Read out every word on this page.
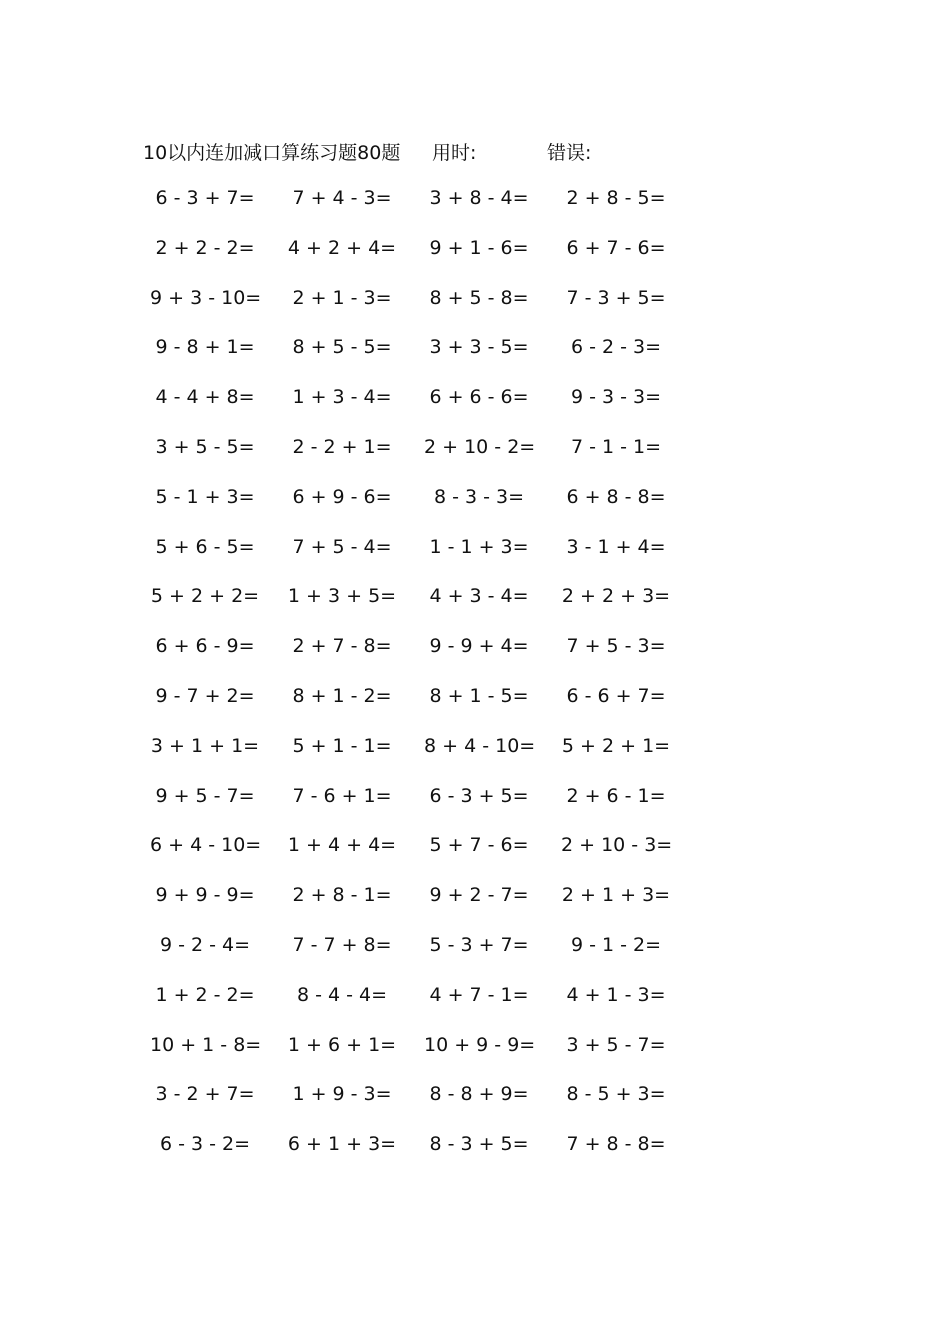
10以内连加减口算练习题80题 用时:	错误:
6 - 3 + 7= 7 + 4 - 3= 3 + 8 - 4= 2 + 8 - 5=
2 + 2 - 2= 4 + 2 + 4= 9 + 1 - 6= 6 + 7 - 6=
9 + 3 - 10= 2 + 1 - 3= 8 + 5 - 8= 7 - 3 + 5=
9 - 8 + 1= 8 + 5 - 5= 3 + 3 - 5=	6 - 2 - 3=
4 - 4 + 8= 1 + 3 - 4= 6 + 6 - 6=	9 - 3 - 3=
3 + 5 - 5= 2 - 2 + 1= 2 + 10 - 2=	7 - 1 - 1=
5 - 1 + 3= 6 + 9 - 6=	8 - 3 - 3=	6 + 8 - 8=
5 + 6 - 5= 7 + 5 - 4= 1 - 1 + 3= 3 - 1 + 4=
5 + 2 + 2= 1 + 3 + 5= 4 + 3 - 4= 2 + 2 + 3=
6 + 6 - 9= 2 + 7 - 8= 9 - 9 + 4= 7 + 5 - 3=
9 - 7 + 2= 8 + 1 - 2= 8 + 1 - 5= 6 - 6 + 7=
3 + 1 + 1= 5 + 1 - 1= 8 + 4 - 10= 5 + 2 + 1=
9 + 5 - 7= 7 - 6 + 1= 6 - 3 + 5= 2 + 6 - 1=
6 + 4 - 10= 1 + 4 + 4= 5 + 7 - 6= 2 + 10 - 3=
9 + 9 - 9= 2 + 8 - 1= 9 + 2 - 7= 2 + 1 + 3=
9 - 2 - 4=	7 - 7 + 8= 5 - 3 + 7=	9 - 1 - 2=
1 + 2 - 2=	8 - 4 - 4=	4 + 7 - 1= 4 + 1 - 3=
10 + 1 - 8= 1 + 6 + 1= 10 + 9 - 9= 3 + 5 - 7=
3 - 2 + 7= 1 + 9 - 3= 8 - 8 + 9= 8 - 5 + 3=
6 - 3 - 2=	6 + 1 + 3= 8 - 3 + 5= 7 + 8 - 8=
